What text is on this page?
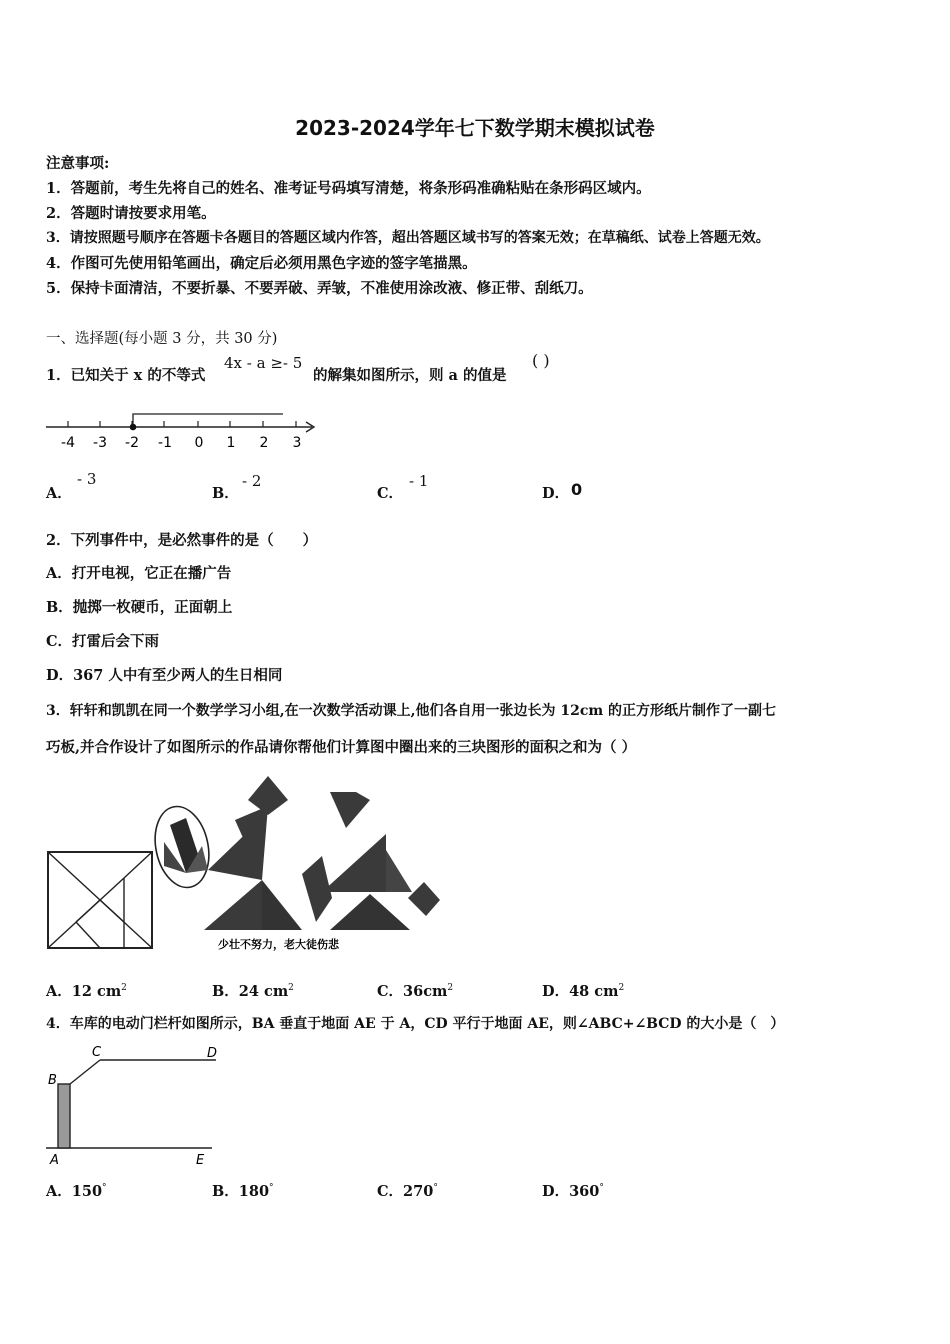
2023-2024学年七下数学期末模拟试卷
注意事项:
1．答题前，考生先将自己的姓名、准考证号码填写清楚，将条形码准确粘贴在条形码区域内。
2．答题时请按要求用笔。
3．请按照题号顺序在答题卡各题目的答题区域内作答，超出答题区域书写的答案无效；在草稿纸、试卷上答题无效。
4．作图可先使用铅笔画出，确定后必须用黑色字迹的签字笔描黑。
5．保持卡面清洁，不要折暴、不要弄破、弄皱，不准使用涂改液、修正带、刮纸刀。
一、选择题(每小题 3 分，共 30 分)
1．已知关于 x 的不等式
4x - a ≥- 5
的解集如图所示，则 a 的值是
( )
-4 -3 -2 -1 0 1 2 3
A．
- 3
B．
- 2
C．
- 1
D． 0
2．下列事件中，是必然事件的是（　　）
A．打开电视，它正在播广告
B．抛掷一枚硬币，正面朝上
C．打雷后会下雨
D．367 人中有至少两人的生日相同
3．轩轩和凯凯在同一个数学学习小组,在一次数学活动课上,他们各自用一张边长为 12cm 的正方形纸片制作了一副七
巧板,并合作设计了如图所示的作品请你帮他们计算图中圈出来的三块图形的面积之和为（ ）
少壮不努力，老大徒伤悲
A．12 $cm^2$	B．24 $cm^2$	C．$36cm^2$	D．48 $cm^2$
4．车库的电动门栏杆如图所示，BA 垂直于地面 AE 于 A，CD 平行于地面 AE，则∠ABC+∠BCD 的大小是（　）
B
C	D
A	E
A．150°	B．180°	C．270°	D．360°
